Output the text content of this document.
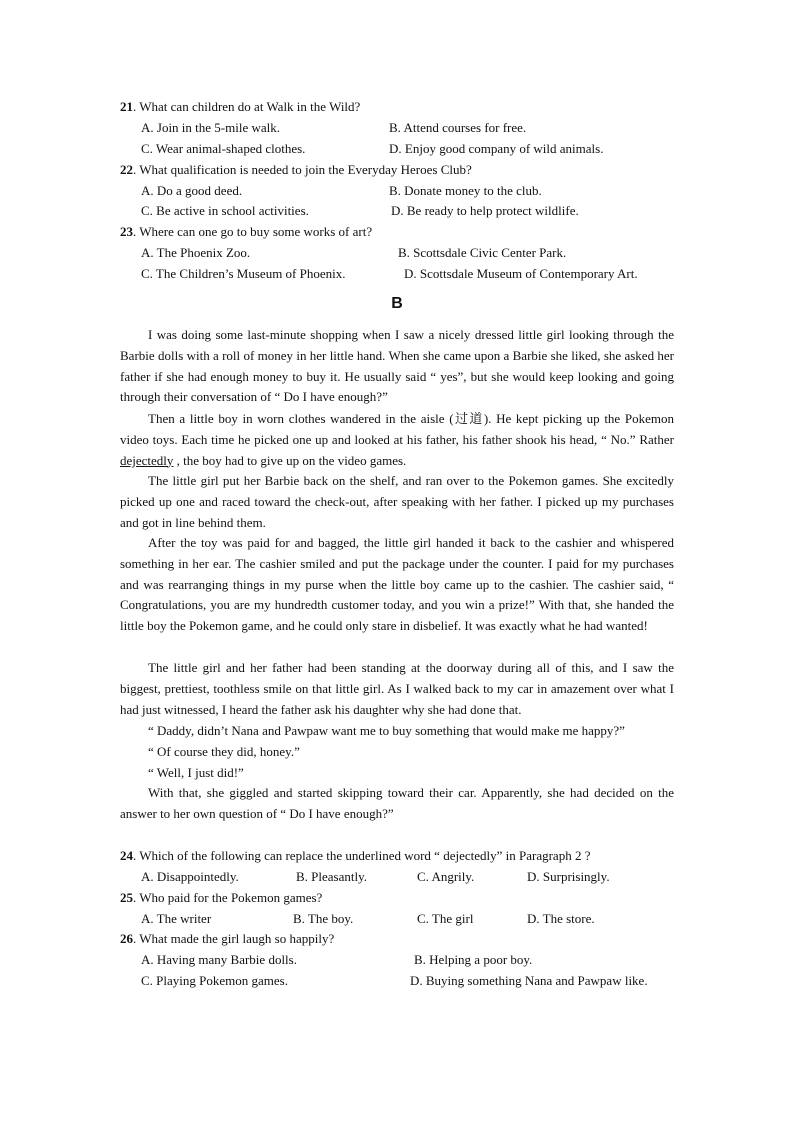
21. What can children do at Walk in the Wild?
A. Join in the 5-mile walk.	B. Attend courses for free.
C. Wear animal-shaped clothes.	D. Enjoy good company of wild animals.
22. What qualification is needed to join the Everyday Heroes Club?
A. Do a good deed.	B. Donate money to the club.
C. Be active in school activities.	D. Be ready to help protect wildlife.
23. Where can one go to buy some works of art?
A. The Phoenix Zoo.	B. Scottsdale Civic Center Park.
C. The Children’s Museum of Phoenix.	D. Scottsdale Museum of Contemporary Art.
B

I was doing some last-minute shopping when I saw a nicely dressed little girl looking through the Barbie dolls with a roll of money in her little hand. When she came upon a Barbie she liked, she asked her father if she had enough money to buy it. He usually said “ yes”, but she would keep looking and going through their conversation of “ Do I have enough?”

Then a little boy in worn clothes wandered in the aisle (过道). He kept picking up the Pokemon video toys. Each time he picked one up and looked at his father, his father shook his head, “ No.” Rather dejectedly , the boy had to give up on the video games.

The little girl put her Barbie back on the shelf, and ran over to the Pokemon games. She excitedly picked up one and raced toward the check-out, after speaking with her father. I picked up my purchases and got in line behind them.

After the toy was paid for and bagged, the little girl handed it back to the cashier and whispered something in her ear. The cashier smiled and put the package under the counter. I paid for my purchases and was rearranging things in my purse when the little boy came up to the cashier. The cashier said, “ Congratulations, you are my hundredth customer today, and you win a prize!” With that, she handed the little boy the Pokemon game, and he could only stare in disbelief. It was exactly what he had wanted!

The little girl and her father had been standing at the doorway during all of this, and I saw the biggest, prettiest, toothless smile on that little girl. As I walked back to my car in amazement over what I had just witnessed, I heard the father ask his daughter why she had done that.

“ Daddy, didn’t Nana and Pawpaw want me to buy something that would make me happy?”
“ Of course they did, honey.”
“ Well, I just did!”

With that, she giggled and started skipping toward their car. Apparently, she had decided on the answer to her own question of “ Do I have enough?”

24. Which of the following can replace the underlined word “ dejectedly” in Paragraph 2 ?
A. Disappointedly.	B. Pleasantly.	C. Angrily.	D. Surprisingly.
25. Who paid for the Pokemon games?
A. The writer	B. The boy.	C. The girl	D. The store.
26. What made the girl laugh so happily?
A. Having many Barbie dolls.	B. Helping a poor boy.
C. Playing Pokemon games.	D. Buying something Nana and Pawpaw like.
